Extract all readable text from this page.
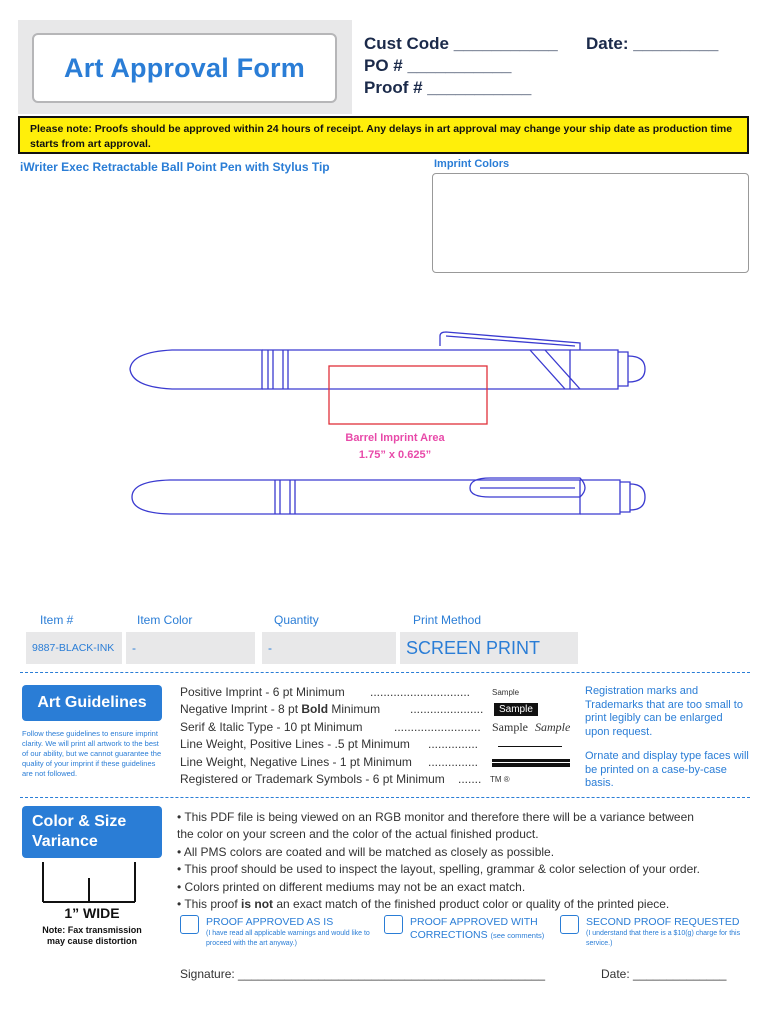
Art Approval Form
Cust Code ___________ Date: _________
PO # ___________
Proof # ___________
Please note: Proofs should be approved within 24 hours of receipt. Any delays in art approval may change your ship date as production time starts from art approval.
iWriter Exec Retractable Ball Point Pen with Stylus Tip	Imprint Colors
Barrel Imprint Area
1.75” x 0.625”
Item #	Item Color	Quantity	Print Method
9887-BLACK-INK	-	-	SCREEN PRINT
Art Guidelines
Follow these guidelines to ensure imprint clarity. We will print all artwork to the best of our ability, but we cannot guarantee the quality of your imprint if these guidelines are not followed.
Positive Imprint - 6 pt Minimum ..............................	Sample
Negative Imprint - 8 pt Bold Minimum ......................	Sample
Serif & Italic Type - 10 pt Minimum	.......................... Sample Sample
Line Weight, Positive Lines - .5 pt Minimum ...............
Line Weight, Negative Lines - 1 pt Minimum ...............
Registered or Trademark Symbols - 6 pt Minimum ....... TM ®
Registration marks and Trademarks that are too small to print legibly can be enlarged upon request.
Ornate and display type faces will be printed on a case-by-case basis.
Color & Size
Variance
1” WIDE
Note: Fax transmission
may cause distortion
• This PDF file is being viewed on an RGB monitor and therefore there will be a variance between
the color on your screen and the color of the actual finished product.
• All PMS colors are coated and will be matched as closely as possible.
• This proof should be used to inspect the layout, spelling, grammar & color selection of your order.
• Colors printed on different mediums may not be an exact match.
• This proof is not an exact match of the finished product color or quality of the printed piece.
PROOF APPROVED AS IS
(I have read all applicable warnings and would like to proceed with the art anyway.)
PROOF APPROVED WITH
CORRECTIONS (see comments)
SECOND PROOF REQUESTED
(I understand that there is a $10(g) charge for this service.)
Signature: ______________________________________________	Date: ______________
